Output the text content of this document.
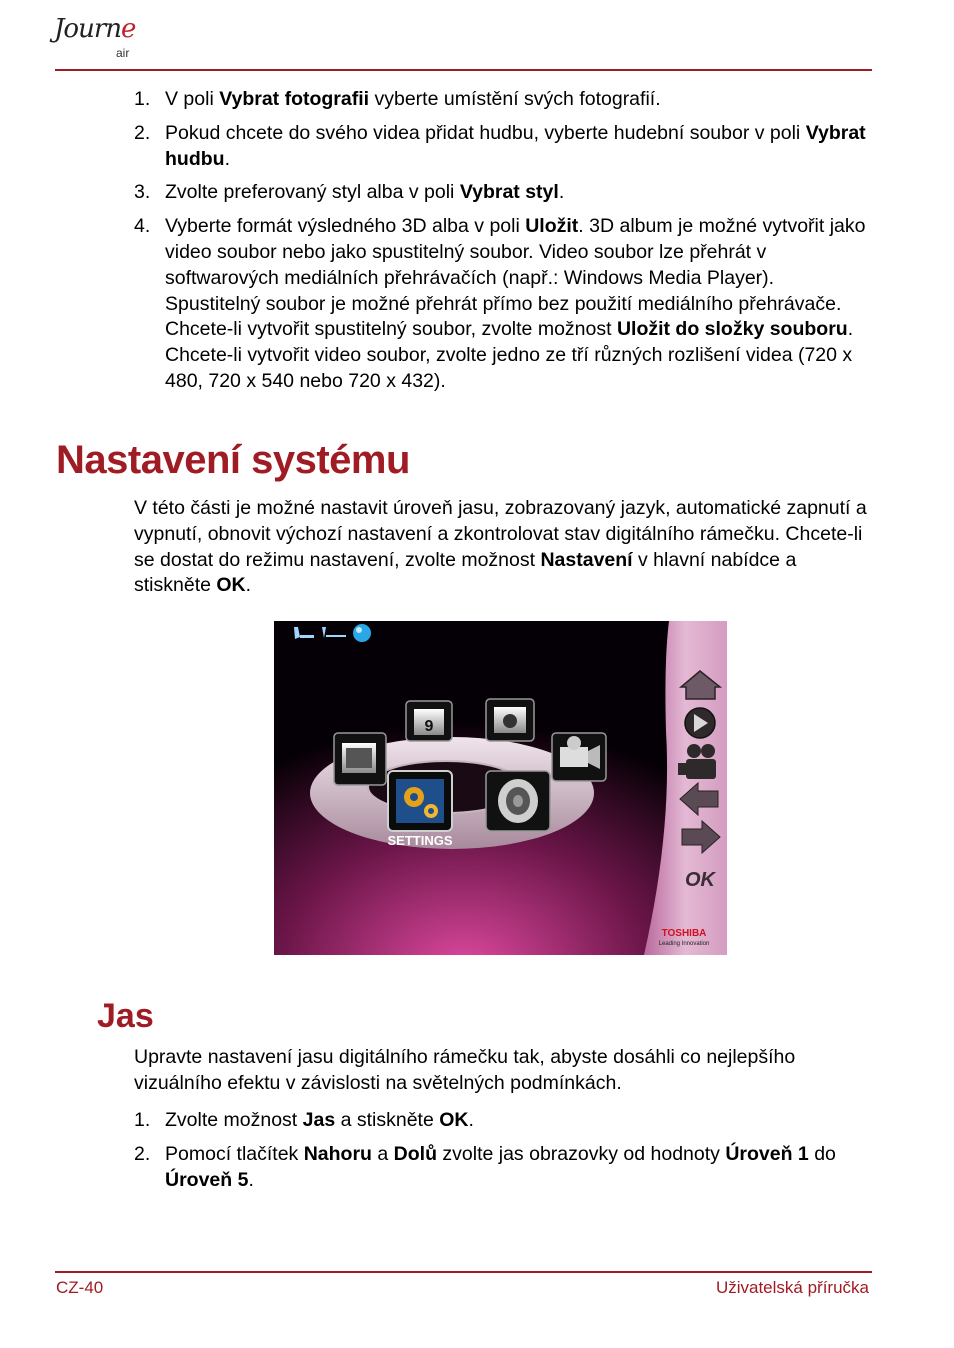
Journe
air
1. V poli Vybrat fotografii vyberte umístění svých fotografií.
2. Pokud chcete do svého videa přidat hudbu, vyberte hudební soubor v poli Vybrat hudbu.
3. Zvolte preferovaný styl alba v poli Vybrat styl.
4. Vyberte formát výsledného 3D alba v poli Uložit. 3D album je možné vytvořit jako video soubor nebo jako spustitelný soubor. Video soubor lze přehrát v softwarových mediálních přehrávačích (např.: Windows Media Player). Spustitelný soubor je možné přehrát přímo bez použití mediálního přehrávače. Chcete-li vytvořit spustitelný soubor, zvolte možnost Uložit do složky souboru. Chcete-li vytvořit video soubor, zvolte jedno ze tří různých rozlišení videa (720 x 480, 720 x 540 nebo 720 x 432).
Nastavení systému

V této části je možné nastavit úroveň jasu, zobrazovaný jazyk, automatické zapnutí a vypnutí, obnovit výchozí nastavení a zkontrolovat stav digitálního rámečku. Chcete-li se dostat do režimu nastavení, zvolte možnost Nastavení v hlavní nabídce a stiskněte OK.

9
SETTINGS
OK
TOSHIBA
Leading Innovation
Jas

Upravte nastavení jasu digitálního rámečku tak, abyste dosáhli co nejlepšího vizuálního efektu v závislosti na světelných podmínkách.

1. Zvolte možnost Jas a stiskněte OK.
2. Pomocí tlačítek Nahoru a Dolů zvolte jas obrazovky od hodnoty Úroveň 1 do Úroveň 5.
CZ-40	Uživatelská příručka
